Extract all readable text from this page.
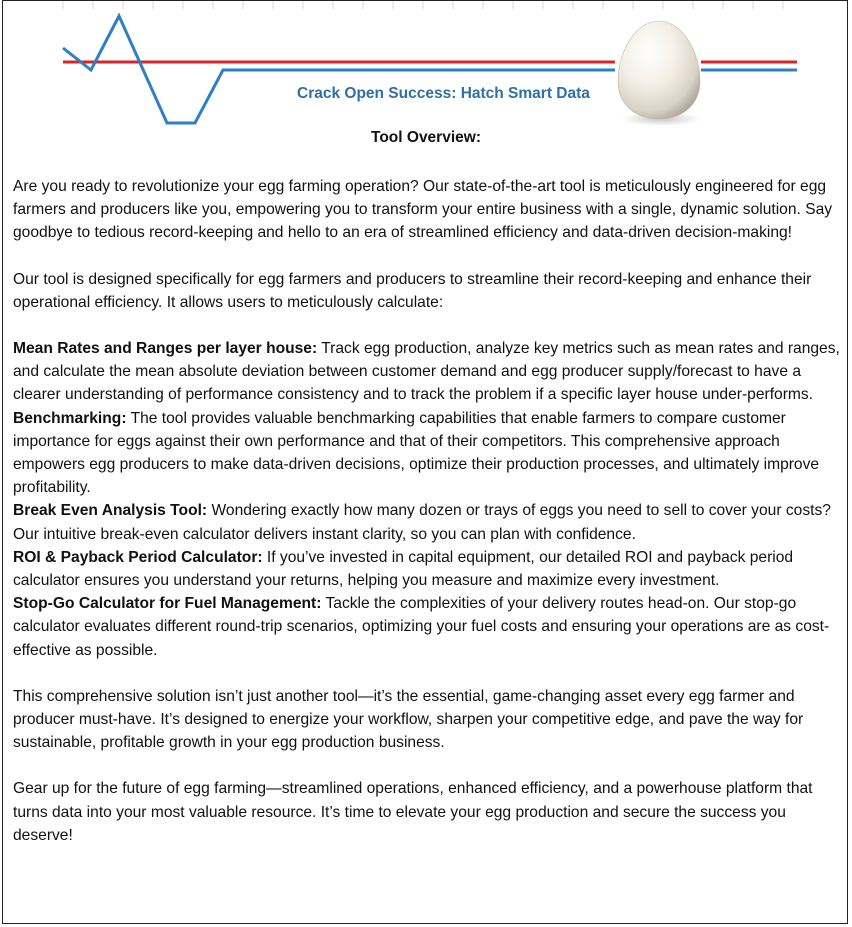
Crack Open Success: Hatch Smart Data
Tool Overview:

Are you ready to revolutionize your egg farming operation? Our state-of-the-art tool is meticulously engineered for egg farmers and producers like you, empowering you to transform your entire business with a single, dynamic solution. Say goodbye to tedious record-keeping and hello to an era of streamlined efficiency and data-driven decision-making!

Our tool is designed specifically for egg farmers and producers to streamline their record-keeping and enhance their operational efficiency. It allows users to meticulously calculate:

Mean Rates and Ranges per layer house: Track egg production, analyze key metrics such as mean rates and ranges, and calculate the mean absolute deviation between customer demand and egg producer supply/forecast to have a clearer understanding of performance consistency and to track the problem if a specific layer house under-performs.

Benchmarking: The tool provides valuable benchmarking capabilities that enable farmers to compare customer importance for eggs against their own performance and that of their competitors. This comprehensive approach empowers egg producers to make data-driven decisions, optimize their production processes, and ultimately improve profitability.

Break Even Analysis Tool: Wondering exactly how many dozen or trays of eggs you need to sell to cover your costs? Our intuitive break-even calculator delivers instant clarity, so you can plan with confidence.

ROI & Payback Period Calculator: If you’ve invested in capital equipment, our detailed ROI and payback period calculator ensures you understand your returns, helping you measure and maximize every investment.

Stop-Go Calculator for Fuel Management: Tackle the complexities of your delivery routes head-on. Our stop-go calculator evaluates different round-trip scenarios, optimizing your fuel costs and ensuring your operations are as cost-effective as possible.

This comprehensive solution isn’t just another tool—it’s the essential, game-changing asset every egg farmer and producer must-have. It’s designed to energize your workflow, sharpen your competitive edge, and pave the way for sustainable, profitable growth in your egg production business.

Gear up for the future of egg farming—streamlined operations, enhanced efficiency, and a powerhouse platform that turns data into your most valuable resource. It’s time to elevate your egg production and secure the success you deserve!
